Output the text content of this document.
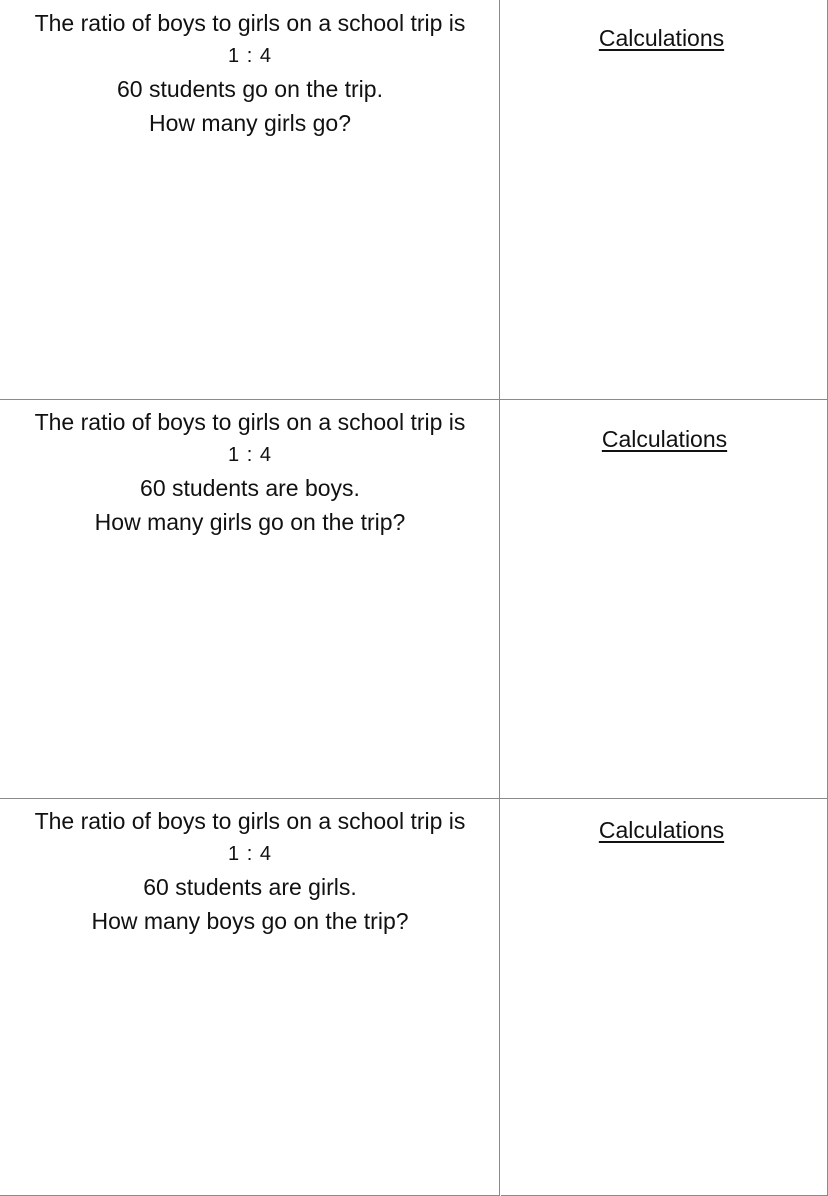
The ratio of boys to girls on a school trip is
1 : 4
60 students go on the trip.
How many girls go?
Calculations
The ratio of boys to girls on a school trip is
1 : 4
60 students are boys.
How many girls go on the trip?
Calculations
The ratio of boys to girls on a school trip is
1 : 4
60 students are girls.
How many boys go on the trip?
Calculations
